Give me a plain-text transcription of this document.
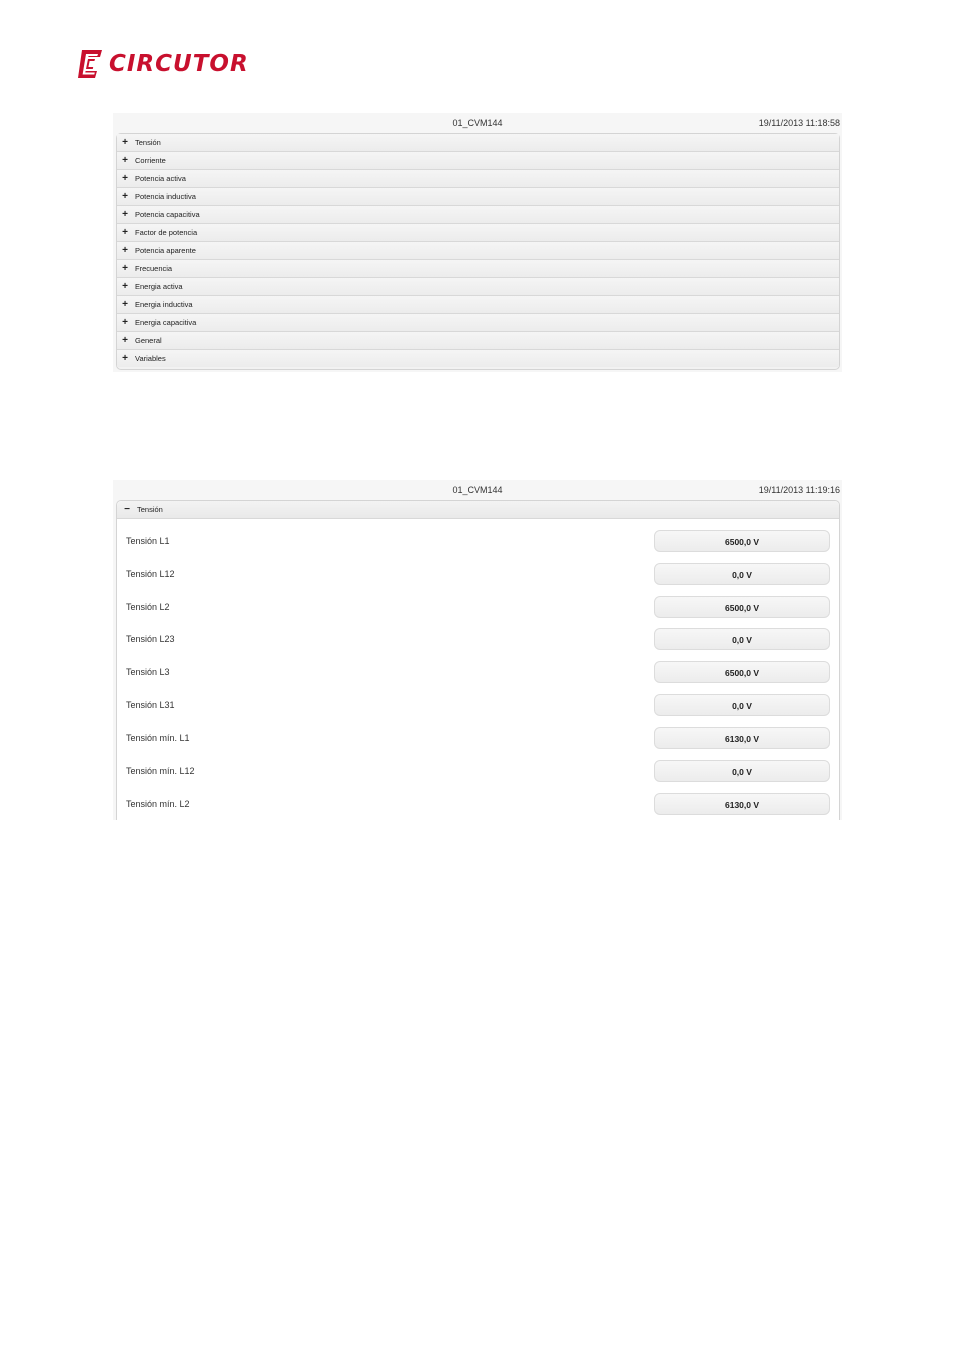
CIRCUTOR
01_CVM144	19/11/2013 11:18:58
+ Tensión
+ Corriente
+ Potencia activa
+ Potencia inductiva
+ Potencia capacitiva
+ Factor de potencia
+ Potencia aparente
+ Frecuencia
+ Energia activa
+ Energia inductiva
+ Energia capacitiva
+ General
+ Variables
01_CVM144	19/11/2013 11:19:16
− Tensión
Tensión L1	6500,0 V
Tensión L12	0,0 V
Tensión L2	6500,0 V
Tensión L23	0,0 V
Tensión L3	6500,0 V
Tensión L31	0,0 V
Tensión mín. L1	6130,0 V
Tensión mín. L12	0,0 V
Tensión mín. L2	6130,0 V
